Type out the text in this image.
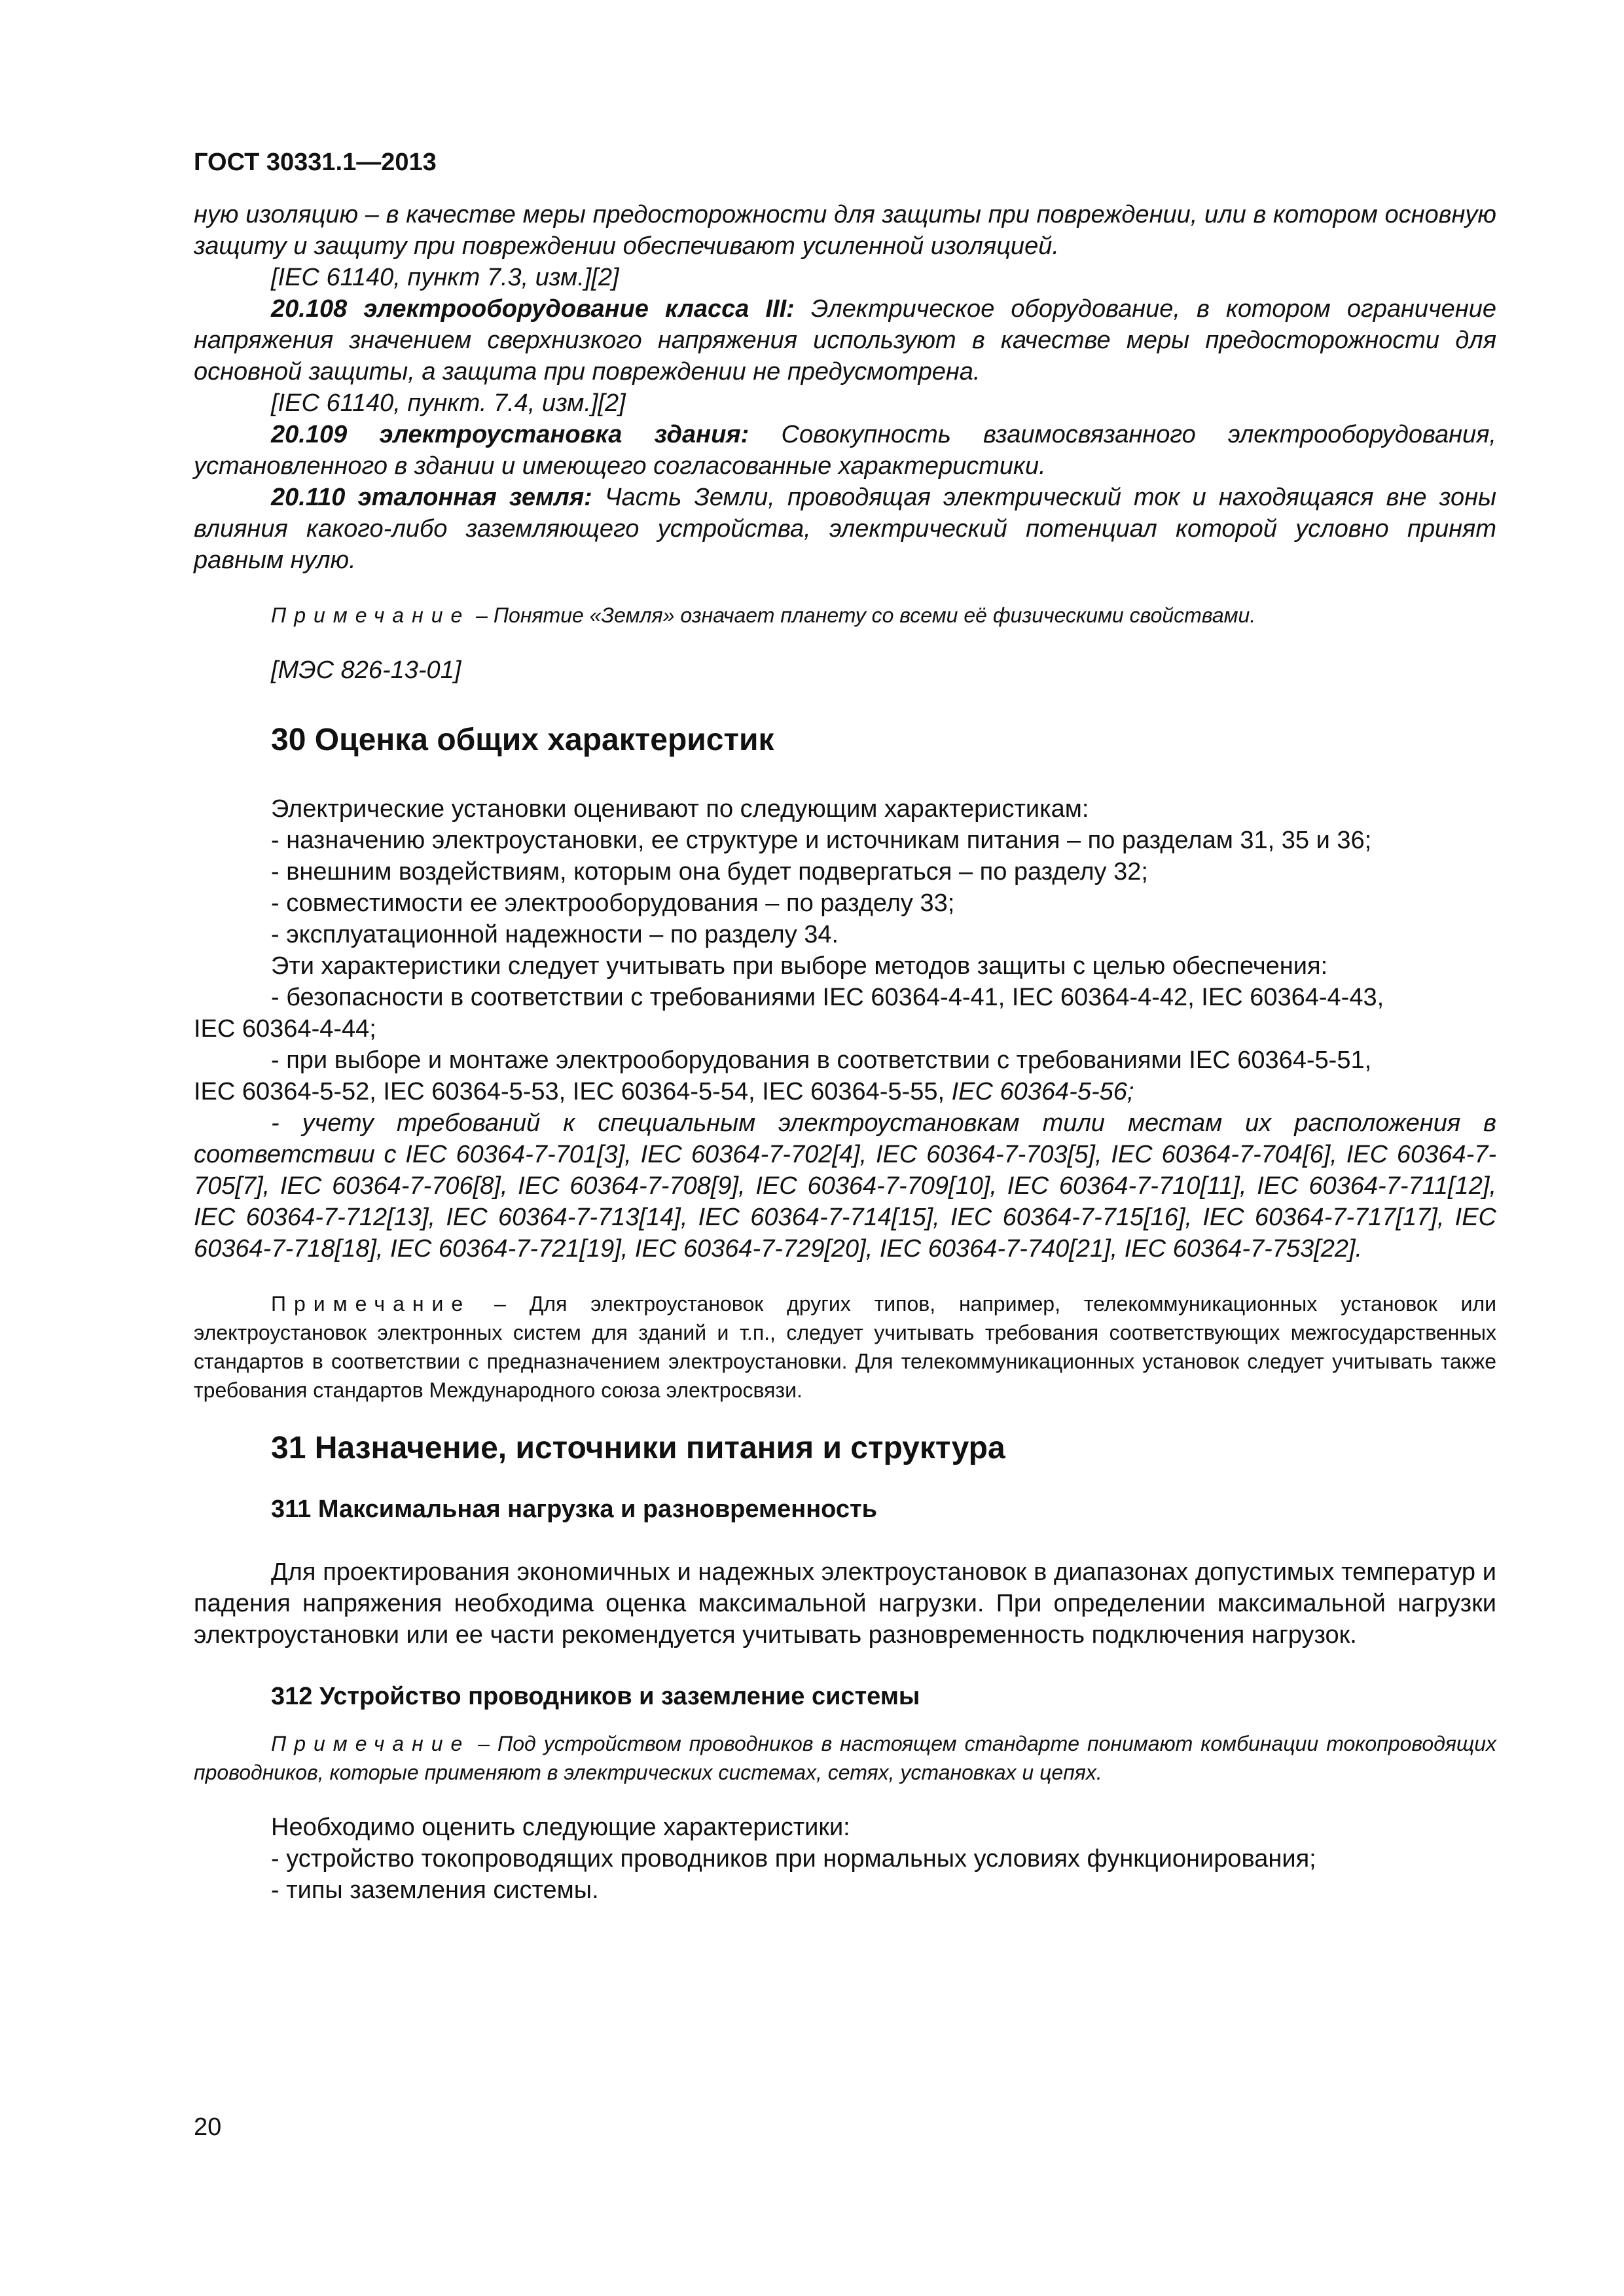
ГОСТ 30331.1—2013
ную изоляцию – в качестве меры предосторожности для защиты при повреждении, или в котором основную защиту и защиту при повреждении обеспечивают усиленной изоляцией.
[IEC 61140, пункт 7.3, изм.][2]
20.108 электрооборудование класса III: Электрическое оборудование, в котором ограничение напряжения значением сверхнизкого напряжения используют в качестве меры предосторожности для основной защиты, а защита при повреждении не предусмотрена.
[IEC 61140, пункт. 7.4, изм.][2]
20.109 электроустановка здания: Совокупность взаимосвязанного электрооборудования, установленного в здании и имеющего согласованные характеристики.
20.110 эталонная земля: Часть Земли, проводящая электрический ток и находящаяся вне зоны влияния какого-либо заземляющего устройства, электрический потенциал которой условно принят равным нулю.
Примечание – Понятие «Земля» означает планету со всеми её физическими свойствами.
[МЭС 826-13-01]
30 Оценка общих характеристик
Электрические установки оценивают по следующим характеристикам:
- назначению электроустановки, ее структуре и источникам питания – по разделам 31, 35 и 36;
- внешним воздействиям, которым она будет подвергаться – по разделу 32;
- совместимости ее электрооборудования – по разделу 33;
- эксплуатационной надежности – по разделу 34.
Эти характеристики следует учитывать при выборе методов защиты с целью обеспечения:
- безопасности в соответствии с требованиями IEC 60364-4-41, IEC 60364-4-42, IEC 60364-4-43,
IEC 60364-4-44;
- при выборе и монтаже электрооборудования в соответствии с требованиями IEC 60364-5-51,
IEC 60364-5-52, IEC 60364-5-53, IEC 60364-5-54, IEC 60364-5-55, IEC 60364-5-56;
- учету требований к специальным электроустановкам тили местам их расположения в соответствии с IEC 60364-7-701[3], IEC 60364-7-702[4], IEC 60364-7-703[5], IEC 60364-7-704[6], IEC 60364-7-705[7], IEC 60364-7-706[8], IEC 60364-7-708[9], IEC 60364-7-709[10], IEC 60364-7-710[11], IEC 60364-7-711[12], IEC 60364-7-712[13], IEC 60364-7-713[14], IEC 60364-7-714[15], IEC 60364-7-715[16], IEC 60364-7-717[17], IEC 60364-7-718[18], IEC 60364-7-721[19], IEC 60364-7-729[20], IEC 60364-7-740[21], IEC 60364-7-753[22].
Примечание – Для электроустановок других типов, например, телекоммуникационных установок или электроустановок электронных систем для зданий и т.п., следует учитывать требования соответствующих межгосударственных стандартов в соответствии с предназначением электроустановки. Для телекоммуникационных установок следует учитывать также требования стандартов Международного союза электросвязи.
31 Назначение, источники питания и структура
311 Максимальная нагрузка и разновременность
Для проектирования экономичных и надежных электроустановок в диапазонах допустимых температур и падения напряжения необходима оценка максимальной нагрузки. При определении максимальной нагрузки электроустановки или ее части рекомендуется учитывать разновременность подключения нагрузок.
312 Устройство проводников и заземление системы
Примечание – Под устройством проводников в настоящем стандарте понимают комбинации токопроводящих проводников, которые применяют в электрических системах, сетях, установках и цепях.
Необходимо оценить следующие характеристики:
- устройство токопроводящих проводников при нормальных условиях функционирования;
- типы заземления системы.
20
